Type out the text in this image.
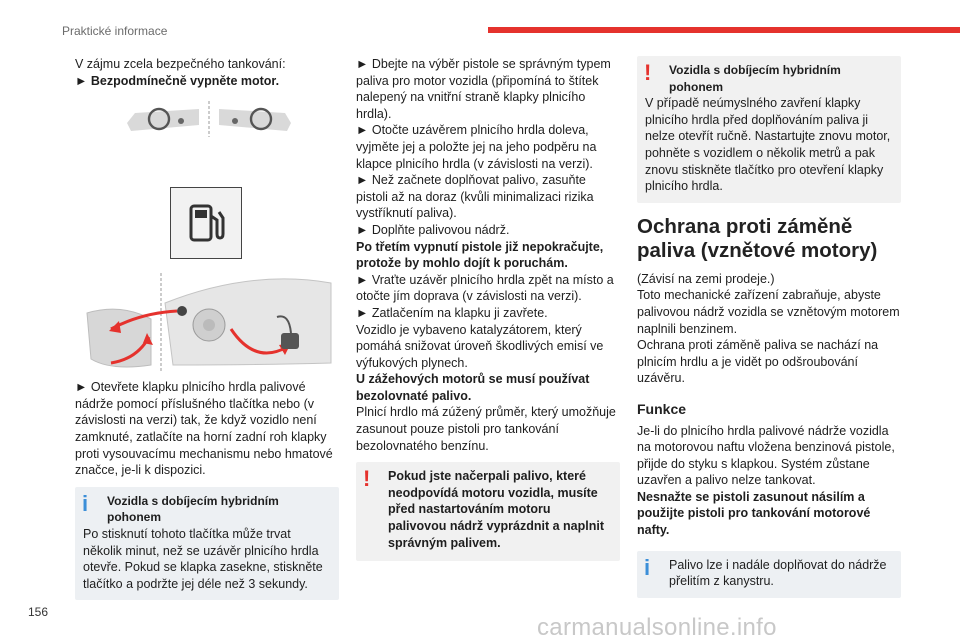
Praktické informace

V zájmu zcela bezpečného tankování:

► Bezpodmínečně vypněte motor.

► Otevřete klapku plnicího hrdla palivové nádrže pomocí příslušného tlačítka nebo (v závislosti na verzi) tak, že když vozidlo není zamknuté, zatlačíte na horní zadní roh klapky proti vysouvacímu mechanismu nebo hmatové značce, je-li k dispozici.

i	Vozidla s dobíjecím hybridním pohonem

Po stisknutí tohoto tlačítka může trvat několik minut, než se uzávěr plnicího hrdla otevře. Pokud se klapka zasekne, stiskněte tlačítko a podržte jej déle než 3 sekundy.

► Dbejte na výběr pistole se správným typem paliva pro motor vozidla (připomíná to štítek nalepený na vnitřní straně klapky plnicího hrdla).

► Otočte uzávěrem plnicího hrdla doleva, vyjměte jej a položte jej na jeho podpěru na klapce plnicího hrdla (v závislosti na verzi).

► Než začnete doplňovat palivo, zasuňte pistoli až na doraz (kvůli minimalizaci rizika vystříknutí paliva).

► Doplňte palivovou nádrž.

Po třetím vypnutí pistole již nepokračujte, protože by mohlo dojít k poruchám.

► Vraťte uzávěr plnicího hrdla zpět na místo a otočte jím doprava (v závislosti na verzi).

► Zatlačením na klapku ji zavřete.

Vozidlo je vybaveno katalyzátorem, který pomáhá snižovat úroveň škodlivých emisí ve výfukových plynech.

U zážehových motorů se musí používat bezolovnaté palivo.

Plnicí hrdlo má zúžený průměr, který umožňuje zasunout pouze pistoli pro tankování bezolovnatého benzínu.

!	Pokud jste načerpali palivo, které neodpovídá motoru vozidla, musíte před nastartováním motoru palivovou nádrž vyprázdnit a naplnit správným palivem.

!	Vozidla s dobíjecím hybridním pohonem

V případě neúmyslného zavření klapky plnicího hrdla před doplňováním paliva ji nelze otevřít ručně. Nastartujte znovu motor, pohněte s vozidlem o několik metrů a pak znovu stiskněte tlačítko pro otevření klapky plnicího hrdla.

Ochrana proti záměně paliva (vznětové motory)

(Závisí na zemi prodeje.)

Toto mechanické zařízení zabraňuje, abyste palivovou nádrž vozidla se vznětovým motorem naplnili benzinem.

Ochrana proti záměně paliva se nachází na plnicím hrdlu a je vidět po odšroubování uzávěru.

Funkce

Je-li do plnicího hrdla palivové nádrže vozidla na motorovou naftu vložena benzinová pistole, přijde do styku s klapkou. Systém zůstane uzavřen a palivo nelze tankovat.

Nesnažte se pistoli zasunout násilím a použijte pistoli pro tankování motorové nafty.

i	Palivo lze i nadále doplňovat do nádrže přelitím z kanystru.

156
carmanualsonline.info
